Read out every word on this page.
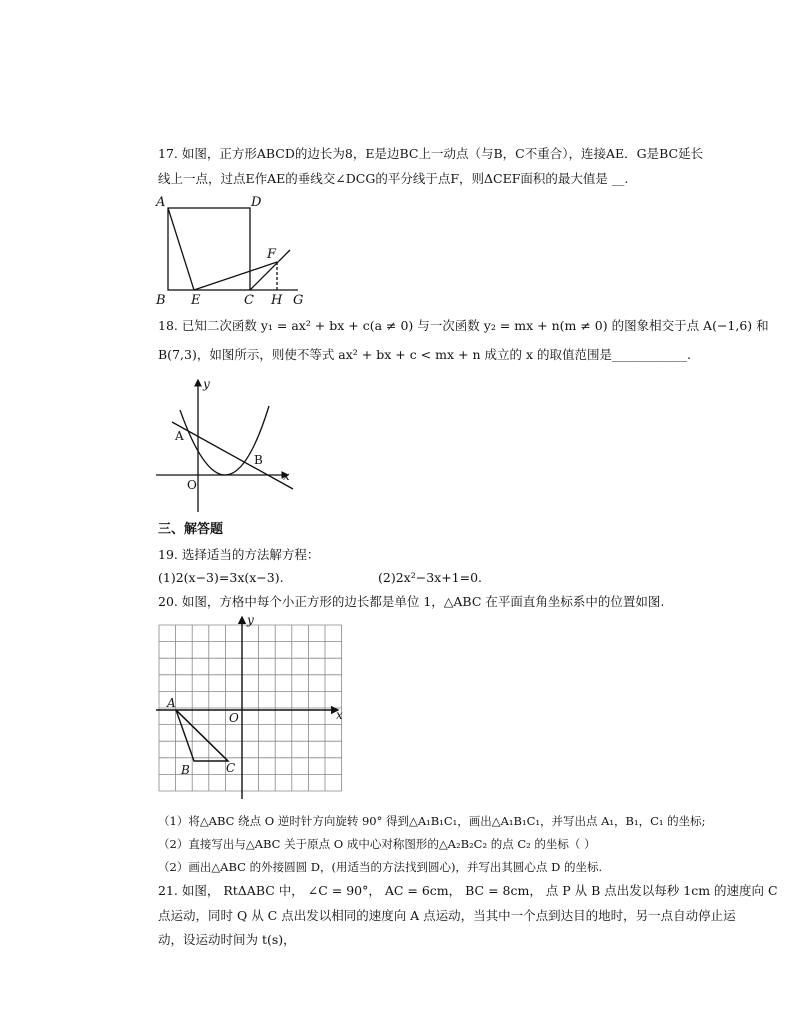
17. 如图，正方形ABCD的边长为8，E是边BC上一动点（与B，C不重合），连接AE．G是BC延长
线上一点，过点E作AE的垂线交∠DCG的平分线于点F，则ΔCEF面积的最大值是 __.
A	D
B E	C H G
F
18. 已知二次函数 y₁ = ax² + bx + c(a ≠ 0) 与一次函数 y₂ = mx + n(m ≠ 0) 的图象相交于点 A(−1,6) 和
B(7,3)，如图所示，则使不等式 ax² + bx + c < mx + n 成立的 x 的取值范围是____________.
y
x
A
B
O
三、解答题
19. 选择适当的方法解方程：
(1)2(x−3)=3x(x−3).	(2)2x²−3x+1=0.
20. 如图，方格中每个小正方形的边长都是单位 1，△ABC 在平面直角坐标系中的位置如图.
y
x
A
O
B	C
（1）将△ABC 绕点 O 逆时针方向旋转 90° 得到△A₁B₁C₁，画出△A₁B₁C₁，并写出点 A₁，B₁，C₁ 的坐标;
（2）直接写出与△ABC 关于原点 O 成中心对称图形的△A₂B₂C₂ 的点 C₂ 的坐标（ ）
（2）画出△ABC 的外接圆圆 D，(用适当的方法找到圆心)，并写出其圆心点 D 的坐标.
21. 如图， RtΔABC 中， ∠C = 90°， AC = 6cm， BC = 8cm， 点 P 从 B 点出发以每秒 1cm 的速度向 C
点运动，同时 Q 从 C 点出发以相同的速度向 A 点运动，当其中一个点到达目的地时，另一点自动停止运
动，设运动时间为 t(s)，
